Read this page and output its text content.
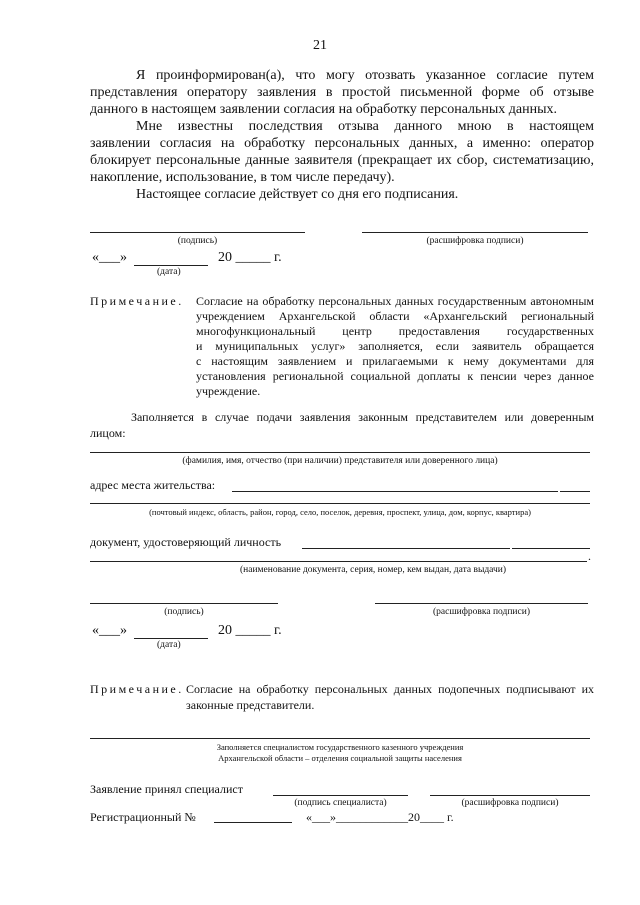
21
Я проинформирован(а), что могу отозвать указанное согласие путем
представления оператору заявления в простой письменной форме об отзыве
данного в настоящем заявлении согласия на обработку персональных данных.
Мне известны последствия отзыва данного мною в настоящем
заявлении согласия на обработку персональных данных, а именно: оператор
блокирует персональные данные заявителя (прекращает их сбор, систематизацию,
накопление, использование, в том числе передачу).
Настоящее согласие действует со дня его подписания.
(подпись)	(расшифровка подписи)
«___»	20 _____ г.
(дата)
Примечание. Согласие на обработку персональных данных государственным автономным
учреждением Архангельской области «Архангельский региональный
многофункциональный центр предоставления государственных
и муниципальных услуг» заполняется, если заявитель обращается
с настоящим заявлением и прилагаемыми к нему документами для
установления региональной социальной доплаты к пенсии через данное
учреждение.
Заполняется в случае подачи заявления законным представителем или доверенным
лицом:
(фамилия, имя, отчество (при наличии) представителя или доверенного лица)
адрес места жительства:
(почтовый индекс, область, район, город, село, поселок, деревня, проспект, улица, дом, корпус, квартира)
документ, удостоверяющий личность
.
(наименование документа, серия, номер, кем выдан, дата выдачи)
(подпись)	(расшифровка подписи)
«___»	20 _____ г.
(дата)
Примечание. Согласие на обработку персональных данных подопечных подписывают их
законные представители.
Заполняется специалистом государственного казенного учреждения
Архангельской области – отделения социальной защиты населения
Заявление принял специалист
(подпись специалиста)	(расшифровка подписи)
Регистрационный №	«___»____________20____ г.
